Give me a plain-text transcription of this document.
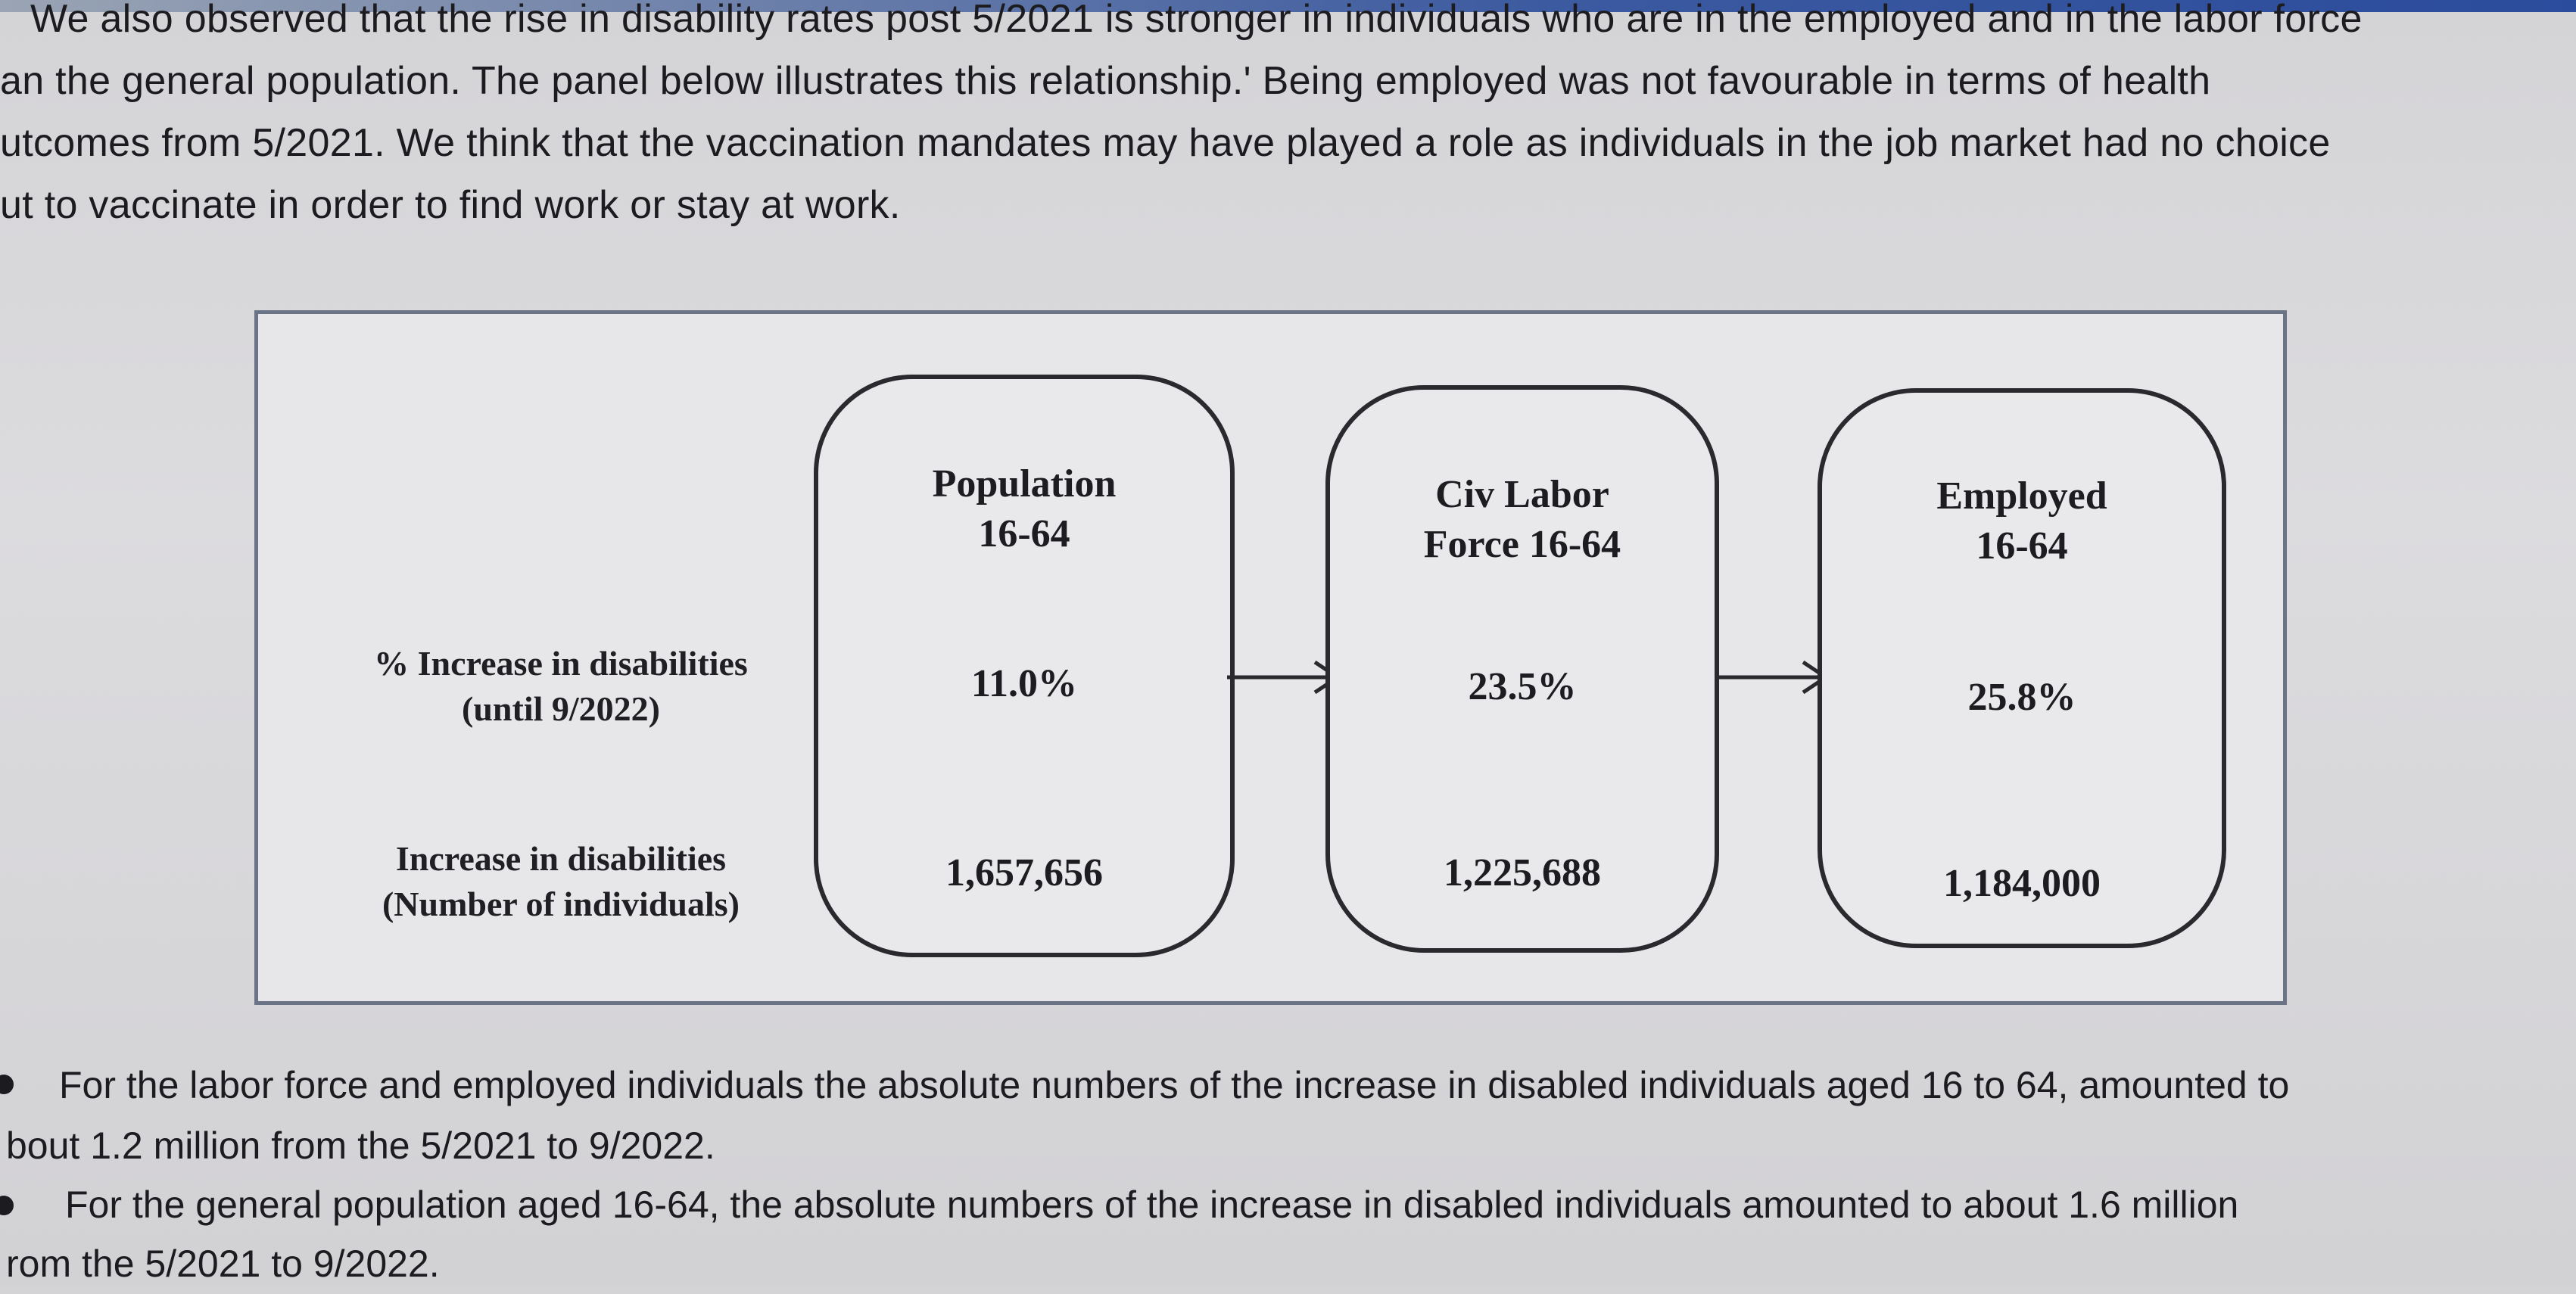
We also observed that the rise in disability rates post 5/2021 is stronger in individuals who are in the employed and in the labor force
an the general population. The panel below illustrates this relationship.' Being employed was not favourable in terms of health
utcomes from 5/2021. We think that the vaccination mandates may have played a role as individuals in the job market had no choice
ut to vaccinate in order to find work or stay at work.
% Increase in disabilities
(until 9/2022)
Increase in disabilities
(Number of individuals)
Population
16-64
11.0%
1,657,656
Civ Labor
Force 16-64
23.5%
1,225,688
Employed
16-64
25.8%
1,184,000
For the labor force and employed individuals the absolute numbers of the increase in disabled individuals aged 16 to 64, amounted to
bout 1.2 million from the 5/2021 to 9/2022.
For the general population aged 16-64, the absolute numbers of the increase in disabled individuals amounted to about 1.6 million
rom the 5/2021 to 9/2022.
